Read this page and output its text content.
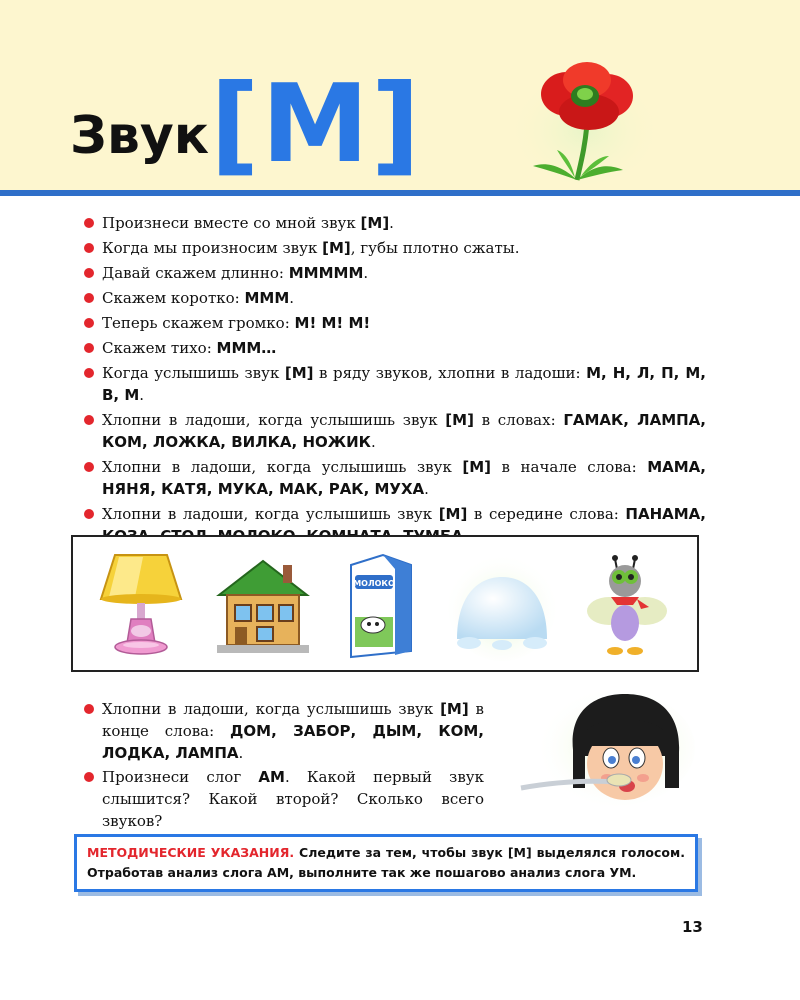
Звук [М]
Произнеси вместе со мной звук [М].
Когда мы произносим звук [М], губы плотно сжаты.
Давай скажем длинно: МММММ.
Скажем коротко: МММ.
Теперь скажем громко: М! М! М!
Скажем тихо: МММ…
Когда услышишь звук [М] в ряду звуков, хлопни в ладоши: М, Н, Л, П, М, В, М.
Хлопни в ладоши, когда услышишь звук [М] в словах: ГАМАК, ЛАМПА, КОМ, ЛОЖКА, ВИЛКА, НОЖИК.
Хлопни в ладоши, когда услышишь звук [М] в начале слова: МАМА, НЯНЯ, КАТЯ, МУКА, МАК, РАК, МУХА.
Хлопни в ладоши, когда услышишь звук [М] в середине слова: ПАНАМА,
МОЛОКО
Хлопни в ладоши, когда услышишь звук [М] в конце слова: ДОМ, ЗАБОР, ДЫМ, КОМ, ЛОДКА, ЛАМПА.
Произнеси слог АМ. Какой первый звук слышится? Какой второй? Сколько всего звуков?
МЕТОДИЧЕСКИЕ УКАЗАНИЯ. Следите за тем, чтобы звук [М] выделялся голосом. Отработав анализ слога АМ, выполните так же пошагово анализ слога УМ.
13
